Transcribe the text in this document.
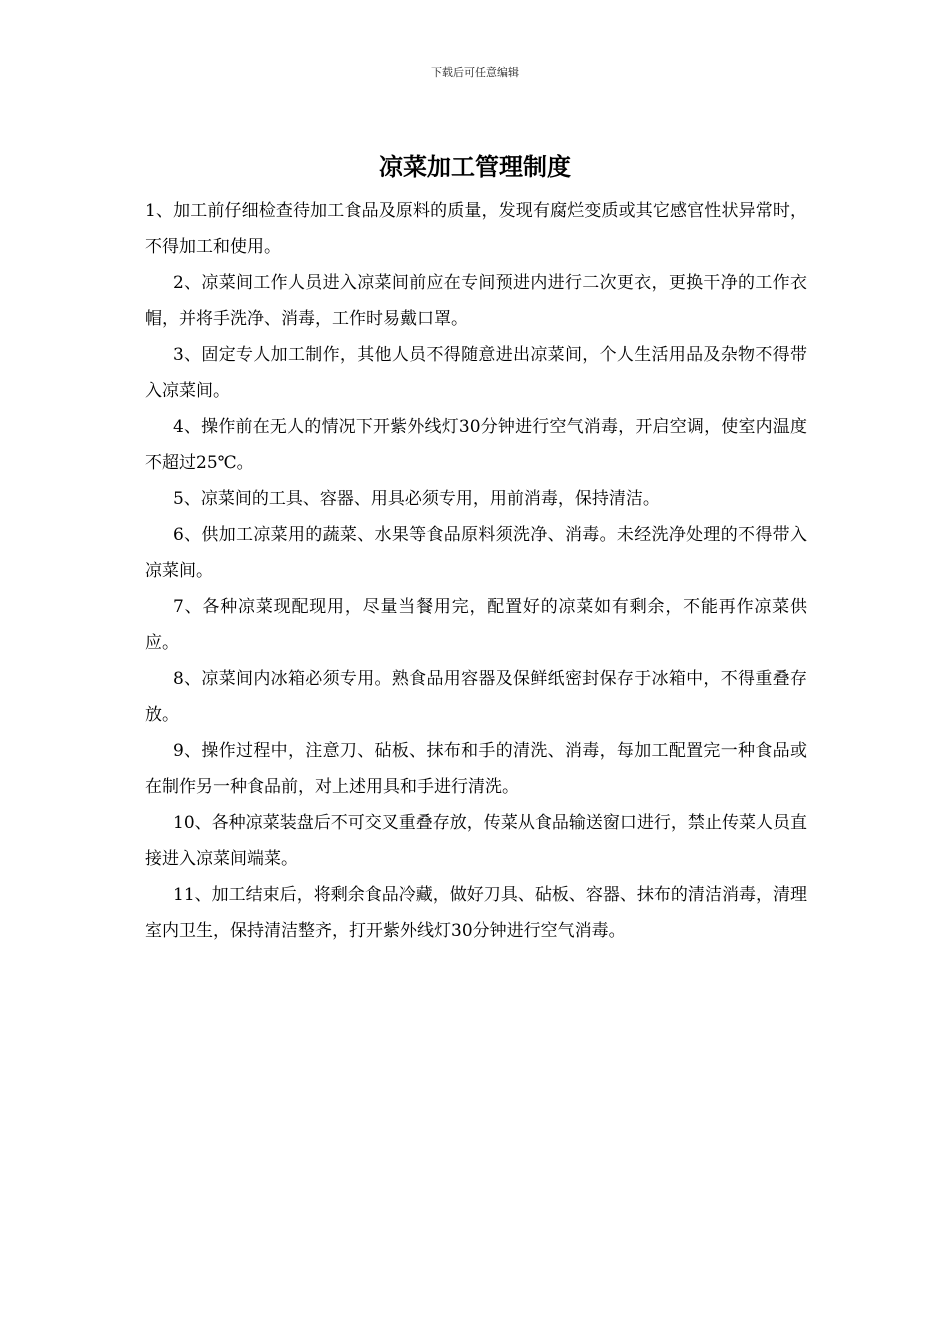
下载后可任意编辑
凉菜加工管理制度

1、加工前仔细检查待加工食品及原料的质量，发现有腐烂变质或其它感官性状异常时，不得加工和使用。

2、凉菜间工作人员进入凉菜间前应在专间预进内进行二次更衣，更换干净的工作衣帽，并将手洗净、消毒，工作时易戴口罩。

3、固定专人加工制作，其他人员不得随意进出凉菜间，个人生活用品及杂物不得带入凉菜间。

4、操作前在无人的情况下开紫外线灯30分钟进行空气消毒，开启空调，使室内温度不超过25℃。

5、凉菜间的工具、容器、用具必须专用，用前消毒，保持清洁。

6、供加工凉菜用的蔬菜、水果等食品原料须洗净、消毒。未经洗净处理的不得带入凉菜间。

7、各种凉菜现配现用，尽量当餐用完，配置好的凉菜如有剩余，不能再作凉菜供应。

8、凉菜间内冰箱必须专用。熟食品用容器及保鲜纸密封保存于冰箱中，不得重叠存放。

9、操作过程中，注意刀、砧板、抹布和手的清洗、消毒，每加工配置完一种食品或在制作另一种食品前，对上述用具和手进行清洗。

10、各种凉菜装盘后不可交叉重叠存放，传菜从食品输送窗口进行，禁止传菜人员直接进入凉菜间端菜。

11、加工结束后，将剩余食品冷藏，做好刀具、砧板、容器、抹布的清洁消毒，清理室内卫生，保持清洁整齐，打开紫外线灯30分钟进行空气消毒。
